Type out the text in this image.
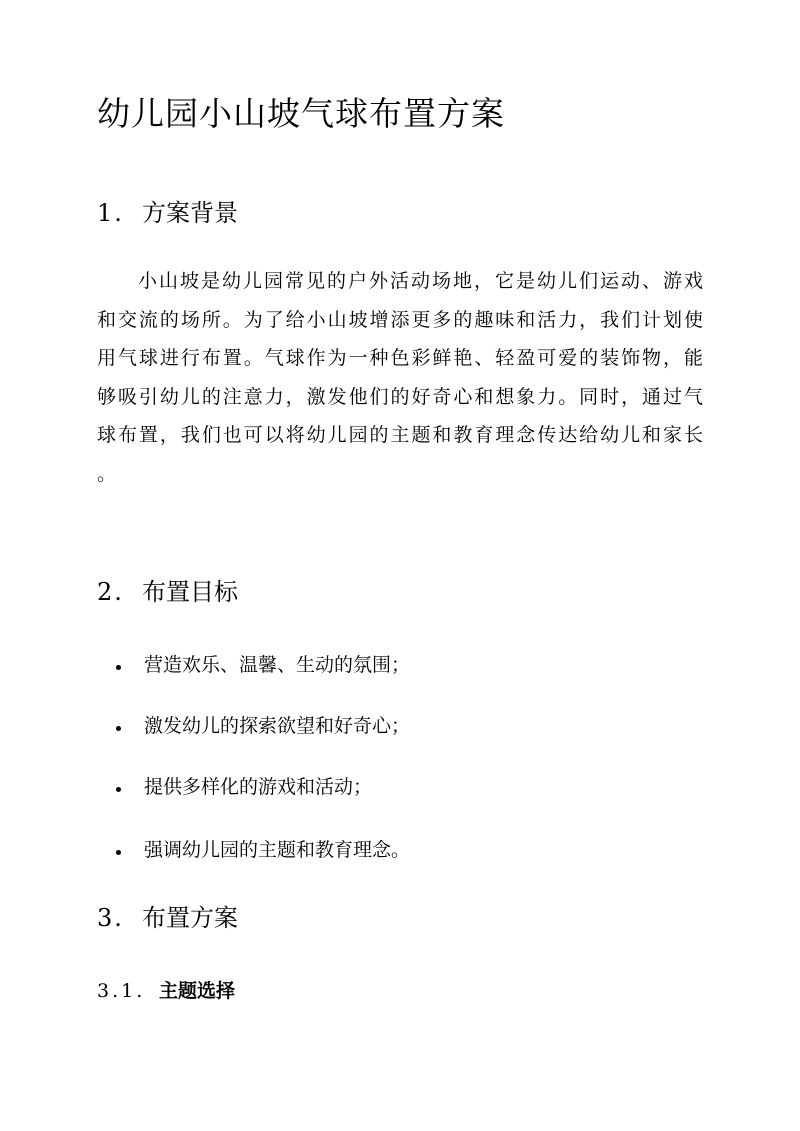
幼儿园小山坡气球布置方案
1. 方案背景
小山坡是幼儿园常见的户外活动场地，它是幼儿们运动、游戏
和交流的场所。为了给小山坡增添更多的趣味和活力，我们计划使
用气球进行布置。气球作为一种色彩鲜艳、轻盈可爱的装饰物，能
够吸引幼儿的注意力，激发他们的好奇心和想象力。同时，通过气
球布置，我们也可以将幼儿园的主题和教育理念传达给幼儿和家长
。
2. 布置目标
营造欢乐、温馨、生动的氛围；
激发幼儿的探索欲望和好奇心；
提供多样化的游戏和活动；
强调幼儿园的主题和教育理念。
3. 布置方案
3.1. 主题选择
